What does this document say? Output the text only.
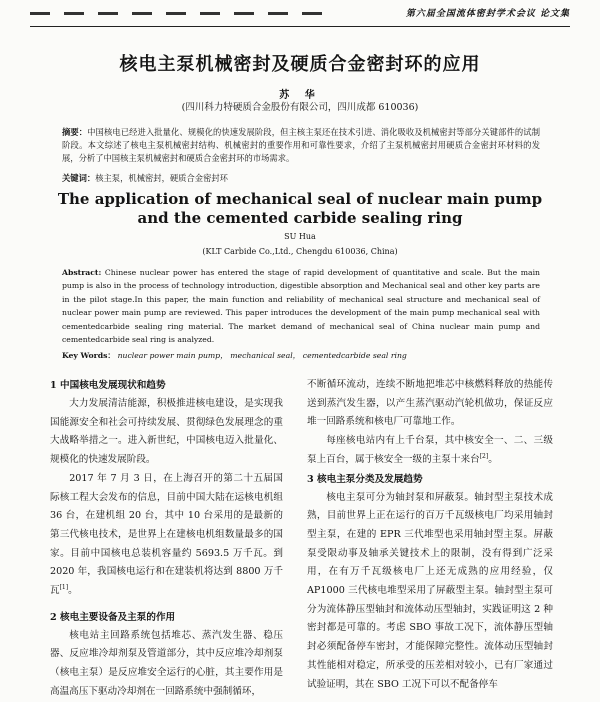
第六届全国流体密封学术会议 论文集
核电主泵机械密封及硬质合金密封环的应用
苏 华
(四川科力特硬质合金股份有限公司，四川成都 610036)
摘要：中国核电已经进入批量化、规模化的快速发展阶段，但主核主泵还在技术引进、消化吸收及机械密封等部分关键部件的试制阶段。本文综述了核电主泵机械密封结构、机械密封的重要作用和可靠性要求，介绍了主泵机械密封用硬质合金密封环材料的发展，分析了中国核主泵机械密封和硬质合金密封环的市场需求。
关键词：核主泵，机械密封，硬质合金密封环
The application of mechanical seal of nuclear main pump
and the cemented carbide sealing ring
SU Hua
(KLT Carbide Co.,Ltd., Chengdu 610036, China)
Abstract: Chinese nuclear power has entered the stage of rapid development of quantitative and scale. But the main pump is also in the process of technology introduction, digestible absorption and Mechanical seal and other key parts are in the pilot stage.In this paper, the main function and reliability of mechanical seal structure and mechanical seal of nuclear power main pump are reviewed. This paper introduces the development of the main pump mechanical seal with cementedcarbide sealing ring material. The market demand of mechanical seal of China nuclear main pump and cementedcarbide seal ring is analyzed.
Key Words： nuclear power main pump， mechanical seal， cementedcarbide seal ring

1 中国核电发展现状和趋势

大力发展清洁能源，积极推进核电建设，是实现我国能源安全和社会可持续发展、贯彻绿色发展理念的重大战略举措之一。进入新世纪，中国核电迈入批量化、规模化的快速发展阶段。

2017 年 7 月 3 日，在上海召开的第二十五届国际核工程大会发布的信息，目前中国大陆在运核电机组 36 台，在建机组 20 台，其中 10 台采用的是最新的第三代核电技术，是世界上在建核电机组数量最多的国家。目前中国核电总装机容量约 5693.5 万千瓦。到 2020 年，我国核电运行和在建装机将达到 8800 万千瓦[1]。

2 核电主要设备及主泵的作用

核电站主回路系统包括堆芯、蒸汽发生器、稳压器、反应堆冷却剂泵及管道部分，其中反应堆冷却剂泵（核电主泵）是反应堆安全运行的心脏，其主要作用是高温高压下驱动冷却剂在一回路系统中强制循环，

不断循环流动，连续不断地把堆芯中核燃料释放的热能传送到蒸汽发生器，以产生蒸汽驱动汽轮机做功，保证反应堆一回路系统和核电厂可靠地工作。

每座核电站内有上千台泵，其中核安全一、二、三级泵上百台，属于核安全一级的主泵十来台[2]。

3 核电主泵分类及发展趋势

核电主泵可分为轴封泵和屏蔽泵。轴封型主泵技术成熟，目前世界上正在运行的百万千瓦级核电厂均采用轴封型主泵，在建的 EPR 三代堆型也采用轴封型主泵。屏蔽泵受限动事及轴承关键技术上的限制，没有得到广泛采用，在有万千瓦级核电厂上还无成熟的应用经验，仅 AP1000 三代核电堆型采用了屏蔽型主泵。轴封型主泵可分为流体静压型轴封和流体动压型轴封，实践证明这 2 种密封都是可靠的。考虑 SBO 事故工况下，流体静压型轴封必须配备停车密封，才能保障完整性。流体动压型轴封其性能相对稳定，所承受的压差相对较小，已有厂家通过试验证明，其在 SBO 工况下可以不配备停车
